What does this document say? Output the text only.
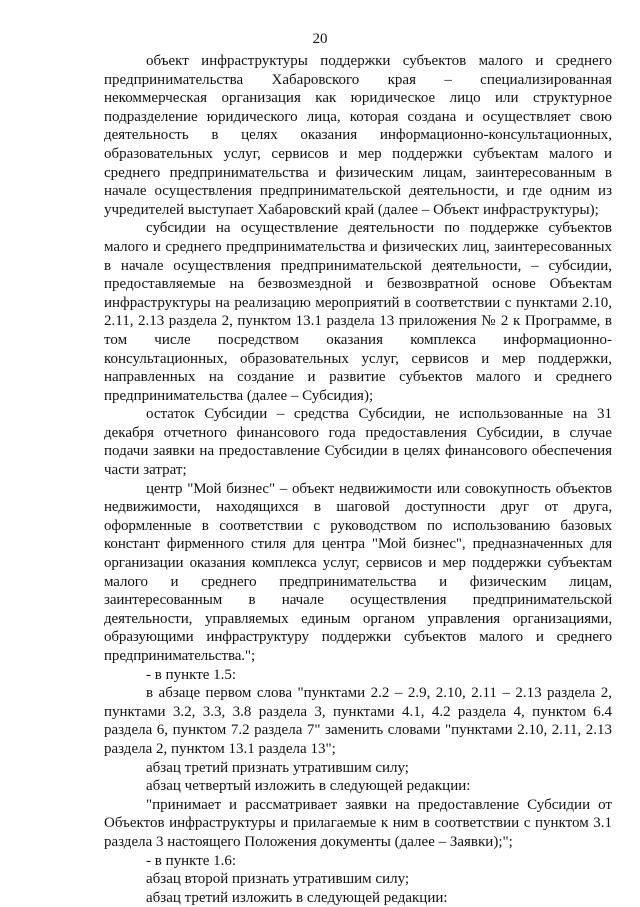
20

объект инфраструктуры поддержки субъектов малого и среднего предпринимательства Хабаровского края – специализированная некоммерческая организация как юридическое лицо или структурное подразделение юридического лица, которая создана и осуществляет свою деятельность в целях оказания информационно-консультационных, образовательных услуг, сервисов и мер поддержки субъектам малого и среднего предпринимательства и физическим лицам, заинтересованным в начале осуществления предпринимательской деятельности, и где одним из учредителей выступает Хабаровский край (далее – Объект инфраструктуры);

субсидии на осуществление деятельности по поддержке субъектов малого и среднего предпринимательства и физических лиц, заинтересованных в начале осуществления предпринимательской деятельности, – субсидии, предоставляемые на безвозмездной и безвозвратной основе Объектам инфраструктуры на реализацию мероприятий в соответствии с пунктами 2.10, 2.11, 2.13 раздела 2, пунктом 13.1 раздела 13 приложения № 2 к Программе, в том числе посредством оказания комплекса информационно-консультационных, образовательных услуг, сервисов и мер поддержки, направленных на создание и развитие субъектов малого и среднего предпринимательства (далее – Субсидия);

остаток Субсидии – средства Субсидии, не использованные на 31 декабря отчетного финансового года предоставления Субсидии, в случае подачи заявки на предоставление Субсидии в целях финансового обеспечения части затрат;

центр "Мой бизнес" – объект недвижимости или совокупность объектов недвижимости, находящихся в шаговой доступности друг от друга, оформленные в соответствии с руководством по использованию базовых констант фирменного стиля для центра "Мой бизнес", предназначенных для организации оказания комплекса услуг, сервисов и мер поддержки субъектам малого и среднего предпринимательства и физическим лицам, заинтересованным в начале осуществления предпринимательской деятельности, управляемых единым органом управления организациями, образующими инфраструктуру поддержки субъектов малого и среднего предпринимательства.";

- в пункте 1.5:

в абзаце первом слова "пунктами 2.2 – 2.9, 2.10, 2.11 – 2.13 раздела 2, пунктами 3.2, 3.3, 3.8 раздела 3, пунктами 4.1, 4.2 раздела 4, пунктом 6.4 раздела 6, пунктом 7.2 раздела 7" заменить словами "пунктами 2.10, 2.11, 2.13 раздела 2, пунктом 13.1 раздела 13";

абзац третий признать утратившим силу;

абзац четвертый изложить в следующей редакции:

"принимает и рассматривает заявки на предоставление Субсидии от Объектов инфраструктуры и прилагаемые к ним в соответствии с пунктом 3.1 раздела 3 настоящего Положения документы (далее – Заявки);";

- в пункте 1.6:

абзац второй признать утратившим силу;

абзац третий изложить в следующей редакции:
